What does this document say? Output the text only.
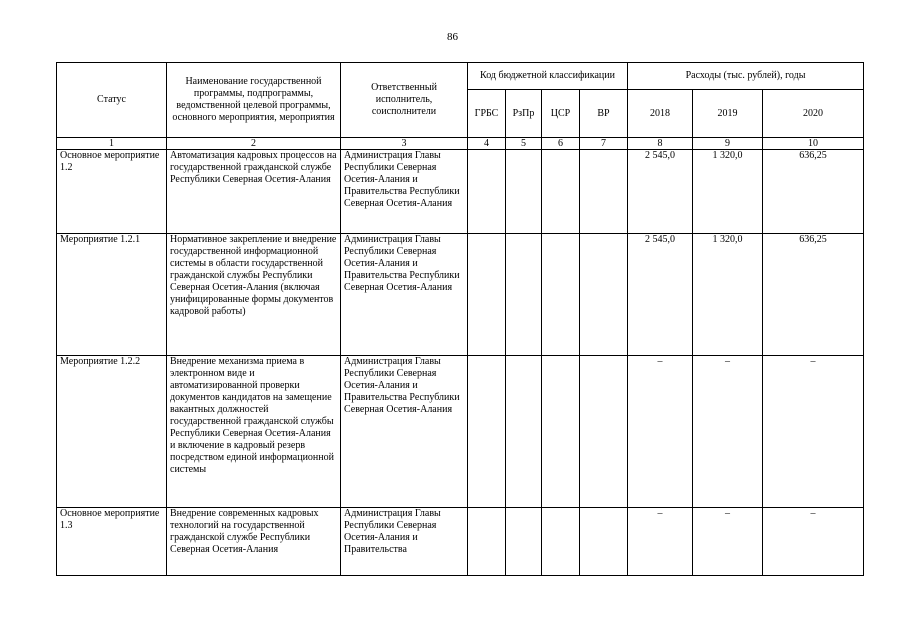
86
Статус	Наименование государственной программы, подпрограммы, ведомственной целевой программы, основного мероприятия, мероприятия	Ответственный исполнитель, соисполнители	Код бюджетной классификации				Расходы (тыс. рублей), годы		
			ГРБС	РзПр	ЦСР	ВР	2018	2019	2020
1	2	3	4	5	6	7	8	9	10
Основное мероприятие 1.2	Автоматизация кадровых процессов на государственной гражданской службе Республики Северная Осетия-Алания	Администрация Главы Республики Северная Осетия-Алания и Правительства Республики Северная Осетия-Алания					2 545,0	1 320,0	636,25
Мероприятие 1.2.1	Нормативное закрепление и внедрение государственной информационной системы в области государственной гражданской службы Республики Северная Осетия-Алания (включая унифицированные формы документов кадровой работы)	Администрация Главы Республики Северная Осетия-Алания и Правительства Республики Северная Осетия-Алания					2 545,0	1 320,0	636,25
Мероприятие 1.2.2	Внедрение механизма приема в электронном виде и автоматизированной проверки документов кандидатов на замещение вакантных должностей государственной гражданской службы Республики Северная Осетия-Алания и включение в кадровый резерв посредством единой информационной системы	Администрация Главы Республики Северная Осетия-Алания и Правительства Республики Северная Осетия-Алания					–	–	–
Основное мероприятие 1.3	Внедрение современных кадровых технологий на государственной гражданской службе Республики Северная Осетия-Алания	Администрация Главы Республики Северная Осетия-Алания и Правительства					–	–	–
